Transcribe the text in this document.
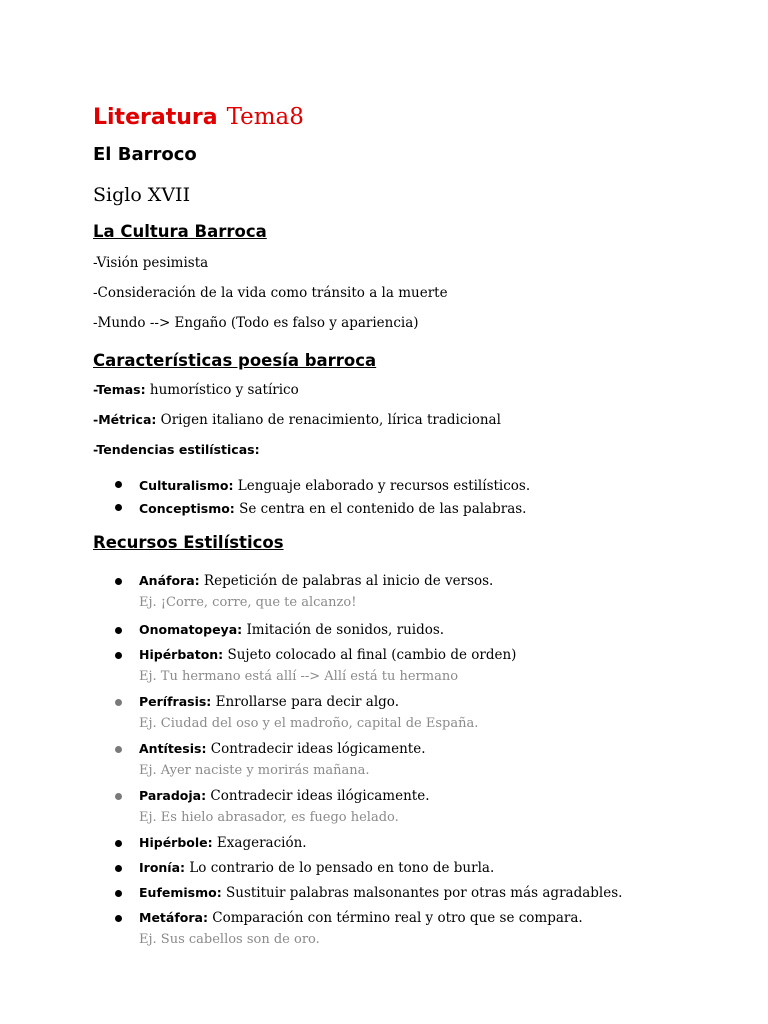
Literatura Tema8
El Barroco
Siglo XVII
La Cultura Barroca
-Visión pesimista
-Consideración de la vida como tránsito a la muerte
-Mundo --> Engaño (Todo es falso y apariencia)
Características poesía barroca
-Temas: humorístico y satírico
-Métrica: Origen italiano de renacimiento, lírica tradicional
-Tendencias estilísticas:
Culturalismo: Lenguaje elaborado y recursos estilísticos.
Conceptismo: Se centra en el contenido de las palabras.
Recursos Estilísticos
Anáfora: Repetición de palabras al inicio de versos.
Ej. ¡Corre, corre, que te alcanzo!
Onomatopeya: Imitación de sonidos, ruidos.
Hipérbaton: Sujeto colocado al final (cambio de orden)
Ej. Tu hermano está allí --> Allí está tu hermano
Perífrasis: Enrollarse para decir algo.
Ej. Ciudad del oso y el madroño, capital de España.
Antítesis: Contradecir ideas lógicamente.
Ej. Ayer naciste y morirás mañana.
Paradoja: Contradecir ideas ilógicamente.
Ej. Es hielo abrasador, es fuego helado.
Hipérbole: Exageración.
Ironía: Lo contrario de lo pensado en tono de burla.
Eufemismo: Sustituir palabras malsonantes por otras más agradables.
Metáfora: Comparación con término real y otro que se compara.
Ej. Sus cabellos son de oro.
